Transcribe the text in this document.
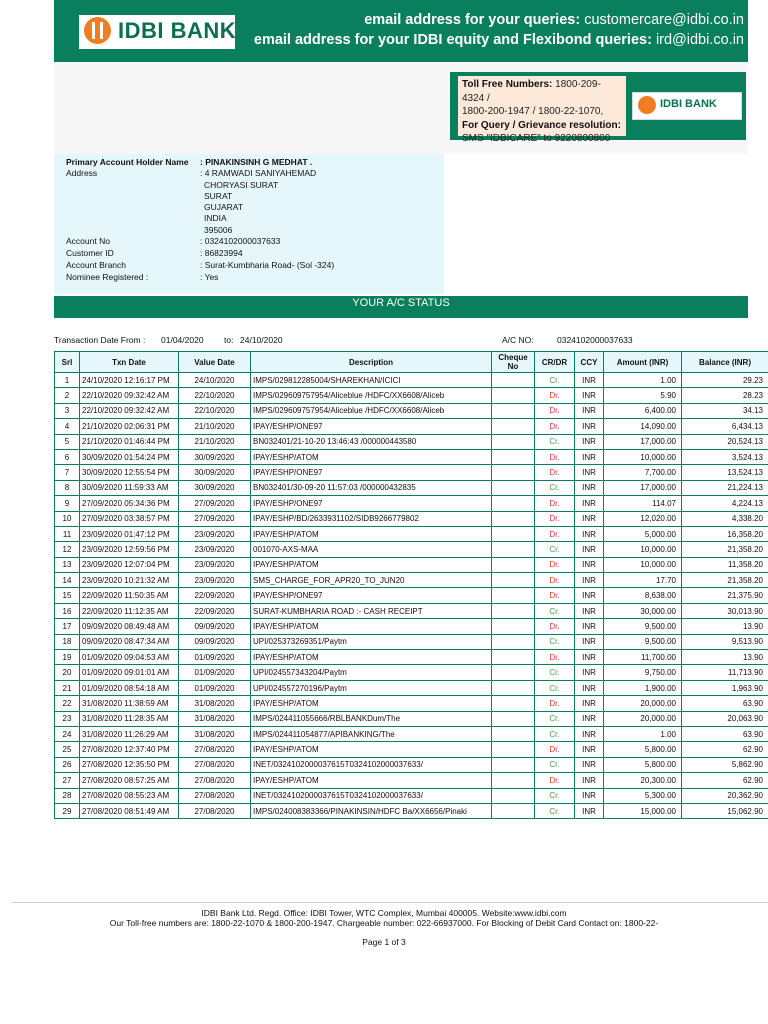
IDBI BANK	email address for your queries: customercare@idbi.co.in
email address for your IDBI equity and Flexibond queries: ird@idbi.co.in
Toll Free Numbers: 1800-209-4324 /
1800-200-1947 / 1800-22-1070,
For Query / Grievance resolution:
SMS "IDBICARE" to 9220800800
IDBI BANK
Primary Account Holder Name : PINAKINSINH G MEDHAT .
Address	: 4 RAMWADI SANIYAHEMAD
CHORYASI SURAT
SURAT
GUJARAT
INDIA
395006
Account No	: 0324102000037633
Customer ID	: 86823994
Account Branch	: Surat-Kumbharia Road- (Sol -324)
Nominee Registered :	: Yes
YOUR A/C STATUS
Transaction Date From : 01/04/2020 to: 24/10/2020	A/C NO:	0324102000037633
Srl	Txn Date	Value Date	Description	Cheque No	CR/DR	CCY	Amount (INR)	Balance (INR)
1	24/10/2020 12:16:17 PM	24/10/2020	IMPS/029812285004/SHAREKHAN/ICICI		Cr.	INR	1.00	29.23
2	22/10/2020 09:32:42 AM	22/10/2020	IMPS/029609757954/Aliceblue /HDFC/XX6608/Aliceb		Dr.	INR	5.90	28.23
3	22/10/2020 09:32:42 AM	22/10/2020	IMPS/029609757954/Aliceblue /HDFC/XX6608/Aliceb		Dr.	INR	6,400.00	34.13
4	21/10/2020 02:06:31 PM	21/10/2020	IPAY/ESHP/ONE97		Dr.	INR	14,090.00	6,434.13
5	21/10/2020 01:46:44 PM	21/10/2020	BN032401/21-10-20 13:46:43 /000000443580		Cr.	INR	17,000.00	20,524.13
6	30/09/2020 01:54:24 PM	30/09/2020	IPAY/ESHP/ATOM		Dr.	INR	10,000.00	3,524.13
7	30/09/2020 12:55:54 PM	30/09/2020	IPAY/ESHP/ONE97		Dr.	INR	7,700.00	13,524.13
8	30/09/2020 11:59:33 AM	30/09/2020	BN032401/30-09-20 11:57:03 /000000432835		Cr.	INR	17,000.00	21,224.13
9	27/09/2020 05:34:36 PM	27/09/2020	IPAY/ESHP/ONE97		Dr.	INR	114.07	4,224.13
10	27/09/2020 03:38:57 PM	27/09/2020	IPAY/ESHP/BD/2633931102/SIDB9266779802		Dr.	INR	12,020.00	4,338.20
11	23/09/2020 01:47:12 PM	23/09/2020	IPAY/ESHP/ATOM		Dr.	INR	5,000.00	16,358.20
12	23/09/2020 12:59:56 PM	23/09/2020	001070-AXS-MAA		Cr.	INR	10,000.00	21,358.20
13	23/09/2020 12:07:04 PM	23/09/2020	IPAY/ESHP/ATOM		Dr.	INR	10,000.00	11,358.20
14	23/09/2020 10:21:32 AM	23/09/2020	SMS_CHARGE_FOR_APR20_TO_JUN20		Dr.	INR	17.70	21,358.20
15	22/09/2020 11:50:35 AM	22/09/2020	IPAY/ESHP/ONE97		Dr.	INR	8,638.00	21,375.90
16	22/09/2020 11:12:35 AM	22/09/2020	SURAT-KUMBHARIA ROAD :- CASH RECEIPT		Cr.	INR	30,000.00	30,013.90
17	09/09/2020 08:49:48 AM	09/09/2020	IPAY/ESHP/ATOM		Dr.	INR	9,500.00	13.90
18	09/09/2020 08:47:34 AM	09/09/2020	UPI/025373269351/Paytm		Cr.	INR	9,500.00	9,513.90
19	01/09/2020 09:04:53 AM	01/09/2020	IPAY/ESHP/ATOM		Dr.	INR	11,700.00	13.90
20	01/09/2020 09:01:01 AM	01/09/2020	UPI/024557343204/Paytm		Cr.	INR	9,750.00	11,713.90
21	01/09/2020 08:54:18 AM	01/09/2020	UPI/024557270196/Paytm		Cr.	INR	1,900.00	1,963.90
22	31/08/2020 11:38:59 AM	31/08/2020	IPAY/ESHP/ATOM		Dr.	INR	20,000.00	63.90
23	31/08/2020 11:28:35 AM	31/08/2020	IMPS/024411055666/RBLBANKDum/The		Cr.	INR	20,000.00	20,063.90
24	31/08/2020 11:26:29 AM	31/08/2020	IMPS/024411054877/APIBANKING/The		Cr.	INR	1.00	63.90
25	27/08/2020 12:37:40 PM	27/08/2020	IPAY/ESHP/ATOM		Dr.	INR	5,800.00	62.90
26	27/08/2020 12:35:50 PM	27/08/2020	INET/0324102000037615T0324102000037633/		Cr.	INR	5,800.00	5,862.90
27	27/08/2020 08:57:25 AM	27/08/2020	IPAY/ESHP/ATOM		Dr.	INR	20,300.00	62.90
28	27/08/2020 08:55:23 AM	27/08/2020	INET/0324102000037615T0324102000037633/		Cr.	INR	5,300.00	20,362.90
29	27/08/2020 08:51:49 AM	27/08/2020	IMPS/024008383366/PINAKINSIN/HDFC Ba/XX6656/Pinaki		Cr.	INR	15,000.00	15,062.90
IDBI Bank Ltd. Regd. Office: IDBI Tower, WTC Complex, Mumbai 400005. Website:www.idbi.com
Our Toll-free numbers are: 1800-22-1070 & 1800-200-1947. Chargeable number: 022-66937000. For Blocking of Debit Card Contact on: 1800-22-
Page 1 of 3
